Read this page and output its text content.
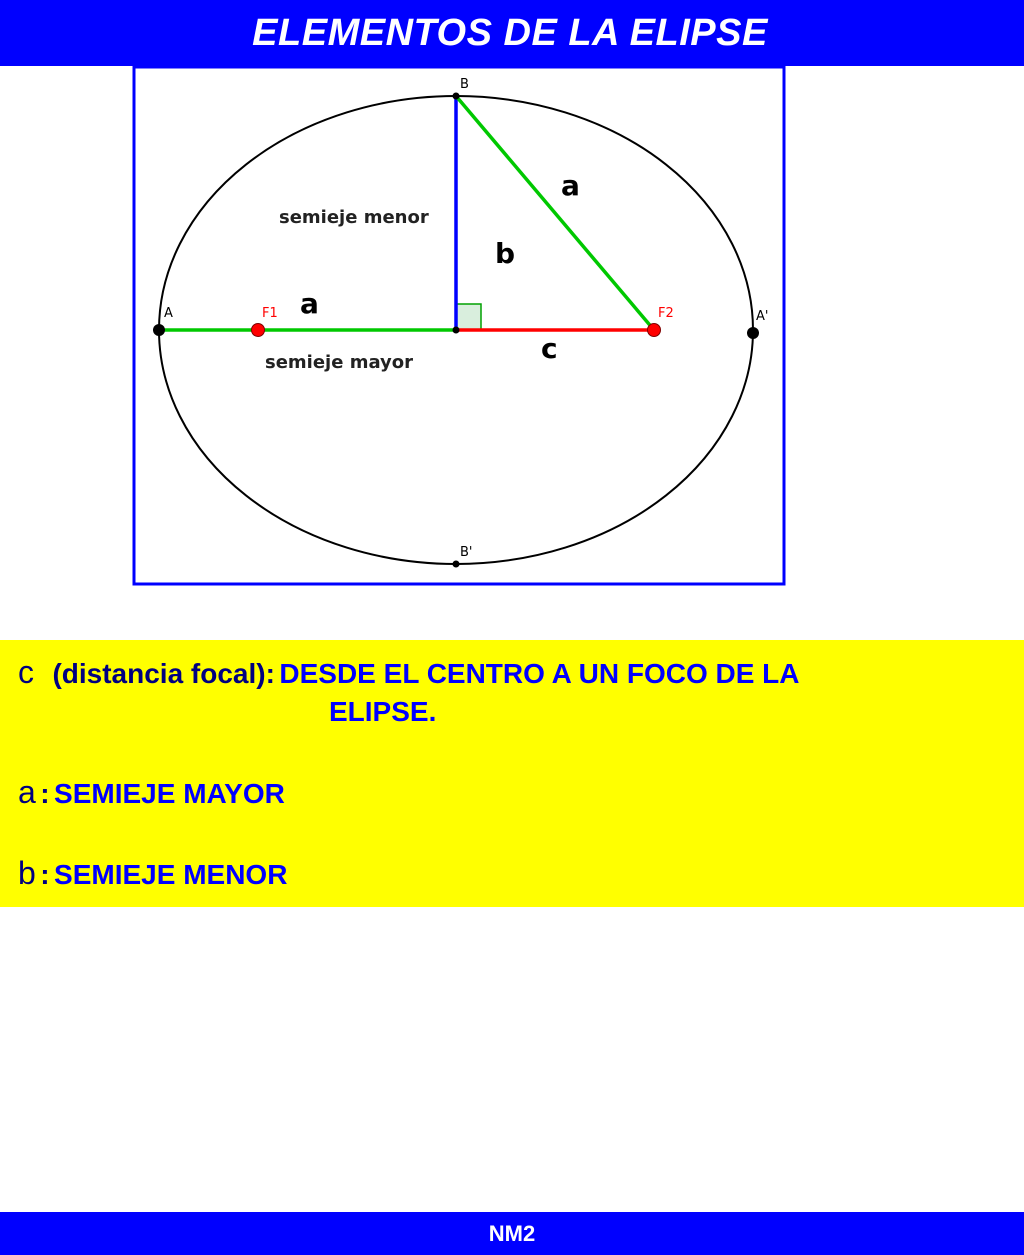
ELEMENTOS DE LA ELIPSE
B
B'
A	A'
F1	F2
a
b
a
c
semieje menor
semieje mayor
c (distancia focal): DESDE EL CENTRO A UN FOCO DE LA
ELIPSE.
a : SEMIEJE MAYOR
b : SEMIEJE MENOR
NM2
